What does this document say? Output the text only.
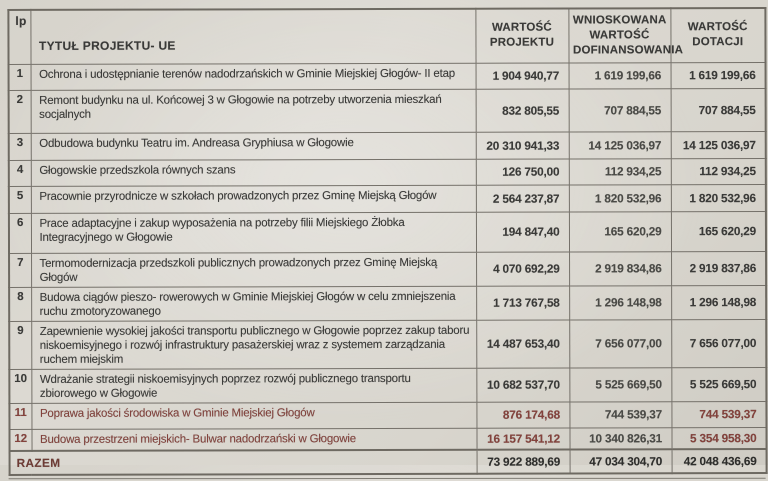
lp	TYTUŁ PROJEKTU- UE	WARTOŚĆ PROJEKTU	WNIOSKOWANA WARTOŚĆ DOFINANSOWANIA	WARTOŚĆ DOTACJI
1	Ochrona i udostępnianie terenów nadodrzańskich w Gminie Miejskiej Głogów- II etap	1 904 940,77	1 619 199,66	1 619 199,66
2	Remont budynku na ul. Końcowej 3 w Głogowie na potrzeby utworzenia mieszkań socjalnych	832 805,55	707 884,55	707 884,55
3	Odbudowa budynku Teatru im. Andreasa Gryphiusa w Głogowie	20 310 941,33	14 125 036,97	14 125 036,97
4	Głogowskie przedszkola równych szans	126 750,00	112 934,25	112 934,25
5	Pracownie przyrodnicze w szkołach prowadzonych przez Gminę Miejską Głogów	2 564 237,87	1 820 532,96	1 820 532,96
6	Prace adaptacyjne i zakup wyposażenia na potrzeby filii Miejskiego Żłobka Integracyjnego w Głogowie	194 847,40	165 620,29	165 620,29
7	Termomodernizacja przedszkoli publicznych prowadzonych przez Gminę Miejską Głogów	4 070 692,29	2 919 834,86	2 919 837,86
8	Budowa ciągów pieszo- rowerowych w Gminie Miejskiej Głogów w celu zmniejszenia ruchu zmotoryzowanego	1 713 767,58	1 296 148,98	1 296 148,98
9	Zapewnienie wysokiej jakości transportu publicznego w Głogowie poprzez zakup taboru niskoemisyjnego i rozwój infrastruktury pasażerskiej wraz z systemem zarządzania ruchem miejskim	14 487 653,40	7 656 077,00	7 656 077,00
10	Wdrażanie strategii niskoemisyjnych poprzez rozwój publicznego transportu zbiorowego w Głogowie	10 682 537,70	5 525 669,50	5 525 669,50
11	Poprawa jakości środowiska w Gminie Miejskiej Głogów	876 174,68	744 539,37	744 539,37
12	Budowa przestrzeni miejskich- Bulwar nadodrzański w Głogowie	16 157 541,12	10 340 826,31	5 354 958,30
RAZEM		73 922 889,69	47 034 304,70	42 048 436,69
